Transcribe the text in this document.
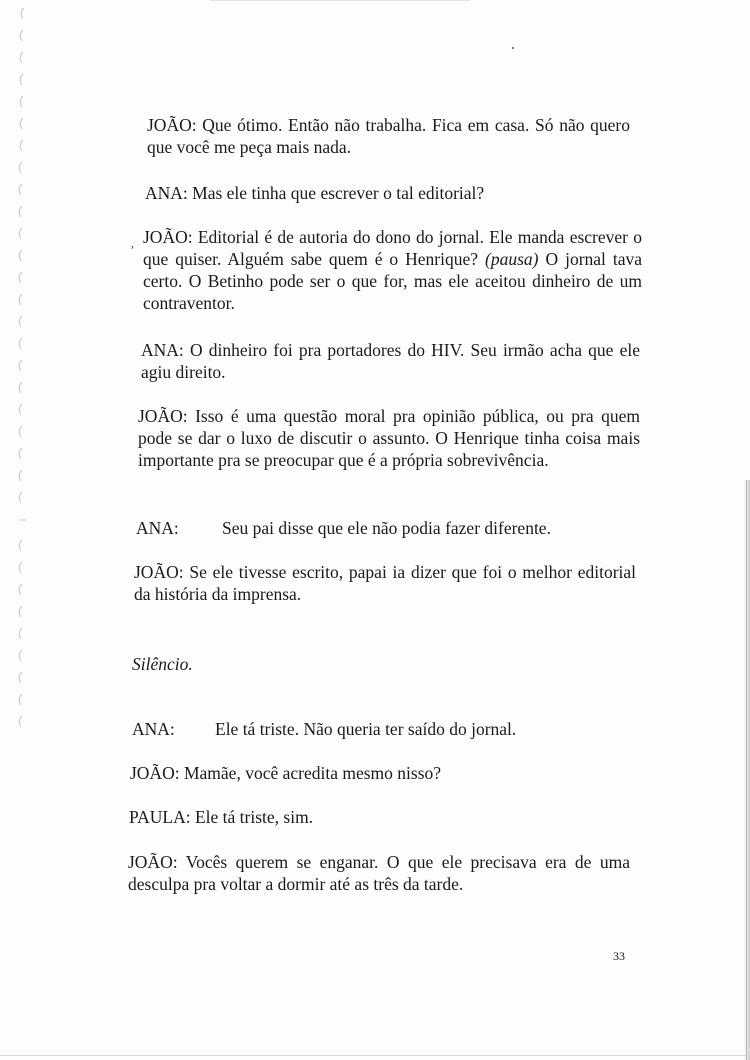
JOÃO: Que ótimo. Então não trabalha. Fica em casa. Só não quero que você me peça mais nada.

ANA: Mas ele tinha que escrever o tal editorial?

, JOÃO: Editorial é de autoria do dono do jornal. Ele manda escrever o que quiser. Alguém sabe quem é o Henrique? (pausa) O jornal tava certo. O Betinho pode ser o que for, mas ele aceitou dinheiro de um contraventor.

ANA: O dinheiro foi pra portadores do HIV. Seu irmão acha que ele agiu direito.

JOÃO: Isso é uma questão moral pra opinião pública, ou pra quem pode se dar o luxo de discutir o assunto. O Henrique tinha coisa mais importante pra se preocupar que é a própria sobrevivência.

ANA: Seu pai disse que ele não podia fazer diferente.

JOÃO: Se ele tivesse escrito, papai ia dizer que foi o melhor editorial da história da imprensa.

Silêncio.

ANA: Ele tá triste. Não queria ter saído do jornal.

JOÃO: Mamãe, você acredita mesmo nisso?

PAULA: Ele tá triste, sim.

JOÃO: Vocês querem se enganar. O que ele precisava era de uma desculpa pra voltar a dormir até as três da tarde.

33
